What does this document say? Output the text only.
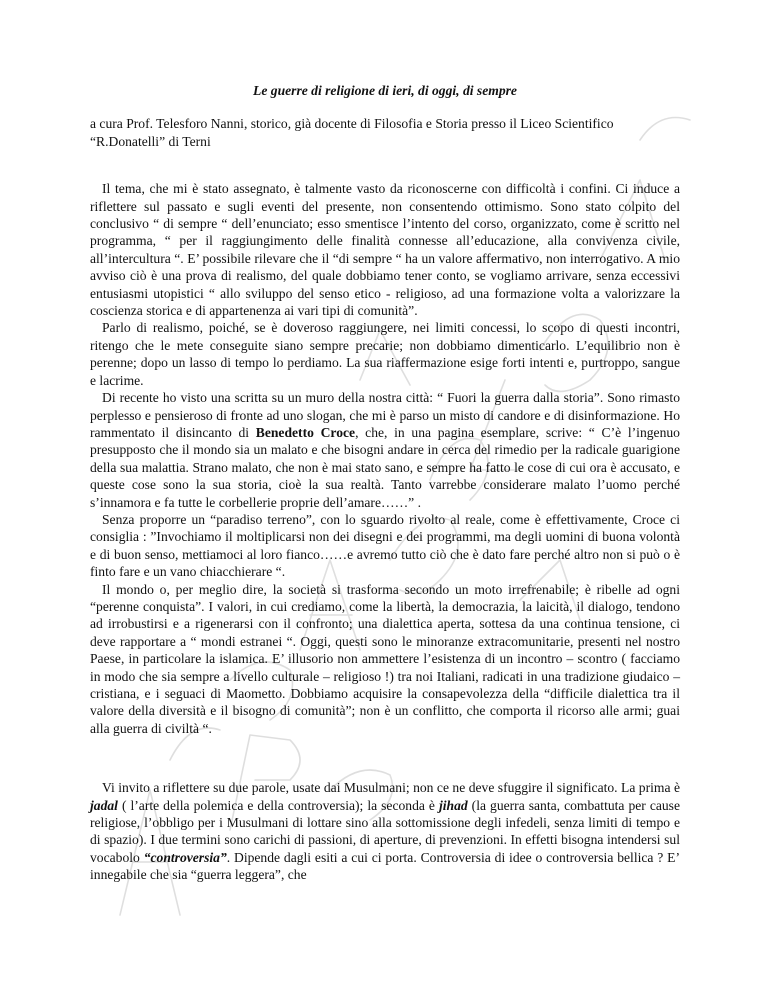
Le guerre di religione di ieri, di oggi, di sempre

a cura Prof. Telesforo Nanni, storico, già docente di Filosofia e Storia presso il Liceo Scientifico “R.Donatelli” di Terni

Il tema, che mi è stato assegnato, è talmente vasto da riconoscerne con difficoltà i confini. Ci induce a riflettere sul passato e sugli eventi del presente, non consentendo ottimismo. Sono stato colpito del conclusivo “ di sempre “ dell’enunciato; esso smentisce l’intento del corso, organizzato, come è scritto nel programma, “ per il raggiungimento delle finalità connesse all’educazione, alla convivenza civile, all’intercultura “. E’ possibile rilevare che il “di sempre “ ha un valore affermativo, non interrogativo. A mio avviso ciò è una prova di realismo, del quale dobbiamo tener conto, se vogliamo arrivare, senza eccessivi entusiasmi utopistici “ allo sviluppo del senso etico - religioso, ad una formazione volta a valorizzare la coscienza storica e di appartenenza ai vari tipi di comunità”.

Parlo di realismo, poiché, se è doveroso raggiungere, nei limiti concessi, lo scopo di questi incontri, ritengo che le mete conseguite siano sempre precarie; non dobbiamo dimenticarlo. L’equilibrio non è perenne; dopo un lasso di tempo lo perdiamo. La sua riaffermazione esige forti intenti e, purtroppo, sangue e lacrime.

Di recente ho visto una scritta su un muro della nostra città: “ Fuori la guerra dalla storia”. Sono rimasto perplesso e pensieroso di fronte ad uno slogan, che mi è parso un misto di candore e di disinformazione. Ho rammentato il disincanto di Benedetto Croce, che, in una pagina esemplare, scrive: “ C’è l’ingenuo presupposto che il mondo sia un malato e che bisogni andare in cerca del rimedio per la radicale guarigione della sua malattia. Strano malato, che non è mai stato sano, e sempre ha fatto le cose di cui ora è accusato, e queste cose sono la sua storia, cioè la sua realtà. Tanto varrebbe considerare malato l’uomo perché s’innamora e fa tutte le corbellerie proprie dell’amare……” .

Senza proporre un “paradiso terreno”, con lo sguardo rivolto al reale, come è effettivamente, Croce ci consiglia : ”Invochiamo il moltiplicarsi non dei disegni e dei programmi, ma degli uomini di buona volontà e di buon senso, mettiamoci al loro fianco……e avremo tutto ciò che è dato fare perché altro non si può o è finto fare e un vano chiacchierare “.

Il mondo o, per meglio dire, la società si trasforma secondo un moto irrefrenabile; è ribelle ad ogni “perenne conquista”. I valori, in cui crediamo, come la libertà, la democrazia, la laicità, il dialogo, tendono ad irrobustirsi e a rigenerarsi con il confronto; una dialettica aperta, sottesa da una continua tensione, ci deve rapportare a “ mondi estranei “. Oggi, questi sono le minoranze extracomunitarie, presenti nel nostro Paese, in particolare la islamica. E’ illusorio non ammettere l’esistenza di un incontro – scontro ( facciamo in modo che sia sempre a livello culturale – religioso !) tra noi Italiani, radicati in una tradizione giudaico – cristiana, e i seguaci di Maometto. Dobbiamo acquisire la consapevolezza della “difficile dialettica tra il valore della diversità e il bisogno di comunità”; non è un conflitto, che comporta il ricorso alle armi; guai alla guerra di civiltà “.

Vi invito a riflettere su due parole, usate dai Musulmani; non ce ne deve sfuggire il significato. La prima è jadal ( l’arte della polemica e della controversia); la seconda è jihad (la guerra santa, combattuta per cause religiose, l’obbligo per i Musulmani di lottare sino alla sottomissione degli infedeli, senza limiti di tempo e di spazio). I due termini sono carichi di passioni, di aperture, di prevenzioni. In effetti bisogna intendersi sul vocabolo “controversia”. Dipende dagli esiti a cui ci porta. Controversia di idee o controversia bellica ? E’ innegabile che sia “guerra leggera”, che
